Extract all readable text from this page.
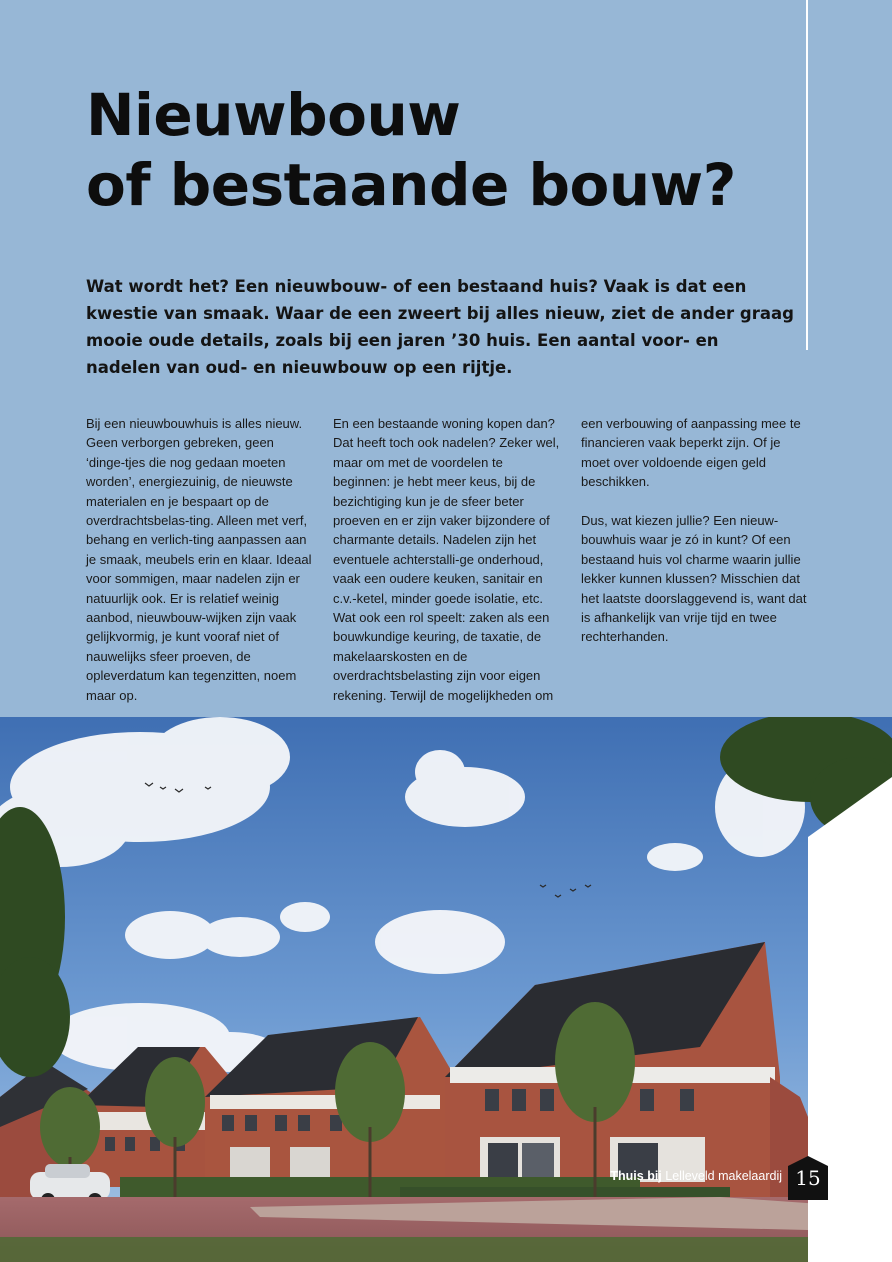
Nieuwbouw
of bestaande bouw?

Wat wordt het? Een nieuwbouw- of een bestaand huis? Vaak is dat een kwestie van smaak. Waar de een zweert bij alles nieuw, ziet de ander graag mooie oude details, zoals bij een jaren ’30 huis. Een aantal voor- en nadelen van oud- en nieuwbouw op een rijtje.

Bij een nieuwbouwhuis is alles nieuw. Geen verborgen gebreken, geen ‘dinge-tjes die nog gedaan moeten worden’, energiezuinig, de nieuwste materialen en je bespaart op de overdrachtsbelas-ting. Alleen met verf, behang en verlich-ting aanpassen aan je smaak, meubels erin en klaar. Ideaal voor sommigen, maar nadelen zijn er natuurlijk ook. Er is relatief weinig aanbod, nieuwbouw-wijken zijn vaak gelijkvormig, je kunt vooraf niet of nauwelijks sfeer proeven, de opleverdatum kan tegenzitten, noem maar op.

En een bestaande woning kopen dan? Dat heeft toch ook nadelen? Zeker wel, maar om met de voordelen te beginnen: je hebt meer keus, bij de bezichtiging kun je de sfeer beter proeven en er zijn vaker bijzondere of charmante details. Nadelen zijn het eventuele achterstalli-ge onderhoud, vaak een oudere keuken, sanitair en c.v.-ketel, minder goede isolatie, etc. Wat ook een rol speelt: zaken als een bouwkundige keuring, de taxatie, de makelaarskosten en de overdrachtsbelasting zijn voor eigen rekening. Terwijl de mogelijkheden om

een verbouwing of aanpassing mee te financieren vaak beperkt zijn. Of je moet over voldoende eigen geld beschikken.

Dus, wat kiezen jullie? Een nieuw-bouwhuis waar je zó in kunt? Of een bestaand huis vol charme waarin jullie lekker kunnen klussen? Misschien dat het laatste doorslaggevend is, want dat is afhankelijk van vrije tijd en twee rechterhanden.

Thuis bij Lelleveld makelaardij 15
